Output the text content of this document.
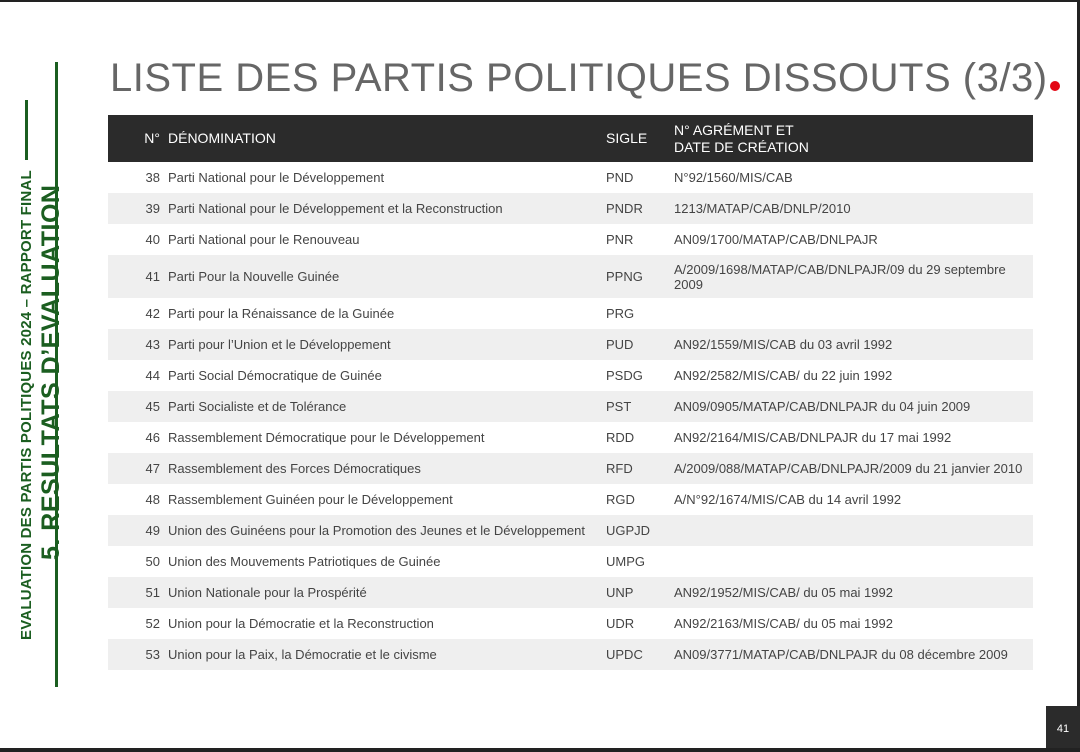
EVALUATION DES PARTIS POLITIQUES 2024 – RAPPORT FINAL 5. RESULTATS D’EVALUATION
LISTE DES PARTIS POLITIQUES DISSOUTS (3/3)
N°	DÉNOMINATION	SIGLE	N° AGRÉMENT ET
DATE DE CRÉATION
38	Parti National pour le Développement	PND	N°92/1560/MIS/CAB
39	Parti National pour le Développement et la Reconstruction	PNDR	1213/MATAP/CAB/DNLP/2010
40	Parti National pour le Renouveau	PNR	AN09/1700/MATAP/CAB/DNLPAJR
41	Parti Pour la Nouvelle Guinée	PPNG	A/2009/1698/MATAP/CAB/DNLPAJR/09 du 29 septembre 2009
42	Parti pour la Rénaissance de la Guinée	PRG	
43	Parti pour l’Union et le Développement	PUD	AN92/1559/MIS/CAB du 03 avril 1992
44	Parti Social Démocratique de Guinée	PSDG	AN92/2582/MIS/CAB/ du 22 juin 1992
45	Parti Socialiste et de Tolérance	PST	AN09/0905/MATAP/CAB/DNLPAJR du 04 juin 2009
46	Rassemblement Démocratique pour le Développement	RDD	AN92/2164/MIS/CAB/DNLPAJR du 17 mai 1992
47	Rassemblement des Forces Démocratiques	RFD	A/2009/088/MATAP/CAB/DNLPAJR/2009 du 21 janvier 2010
48	Rassemblement Guinéen pour le Développement	RGD	A/N°92/1674/MIS/CAB du 14 avril 1992
49	Union des Guinéens pour la Promotion des Jeunes et le Développement	UGPJD	
50	Union des Mouvements Patriotiques de Guinée	UMPG	
51	Union Nationale pour la Prospérité	UNP	AN92/1952/MIS/CAB/ du 05 mai 1992
52	Union pour la Démocratie et la Reconstruction	UDR	AN92/2163/MIS/CAB/ du 05 mai 1992
53	Union pour la Paix, la Démocratie et le civisme	UPDC	AN09/3771/MATAP/CAB/DNLPAJR du 08 décembre 2009
41
